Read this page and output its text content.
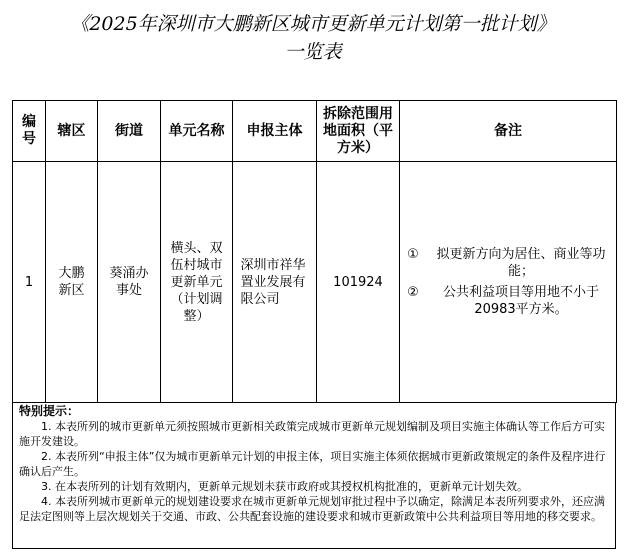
《2025年深圳市大鹏新区城市更新单元计划第一批计划》
一览表
编号	辖区	街道	单元名称	申报主体	拆除范围用地面积（平方米）	备注
1	大鹏新区	葵涌办事处	横头、双伍村城市更新单元（计划调整）	深圳市祥华置业发展有限公司	101924	① 拟更新方向为居住、商业等功能；
② 公共利益项目等用地不小于20983平方米。
特别提示：

1. 本表所列的城市更新单元须按照城市更新相关政策完成城市更新单元规划编制及项目实施主体确认等工作后方可实施开发建设。

2. 本表所列“申报主体”仅为城市更新单元计划的申报主体，项目实施主体须依据城市更新政策规定的条件及程序进行确认后产生。

3. 在本表所列的计划有效期内，更新单元规划未获市政府或其授权机构批准的，更新单元计划失效。

4. 本表所列城市更新单元的规划建设要求在城市更新单元规划审批过程中予以确定，除满足本表所列要求外，还应满足法定图则等上层次规划关于交通、市政、公共配套设施的建设要求和城市更新政策中公共利益项目等用地的移交要求。
